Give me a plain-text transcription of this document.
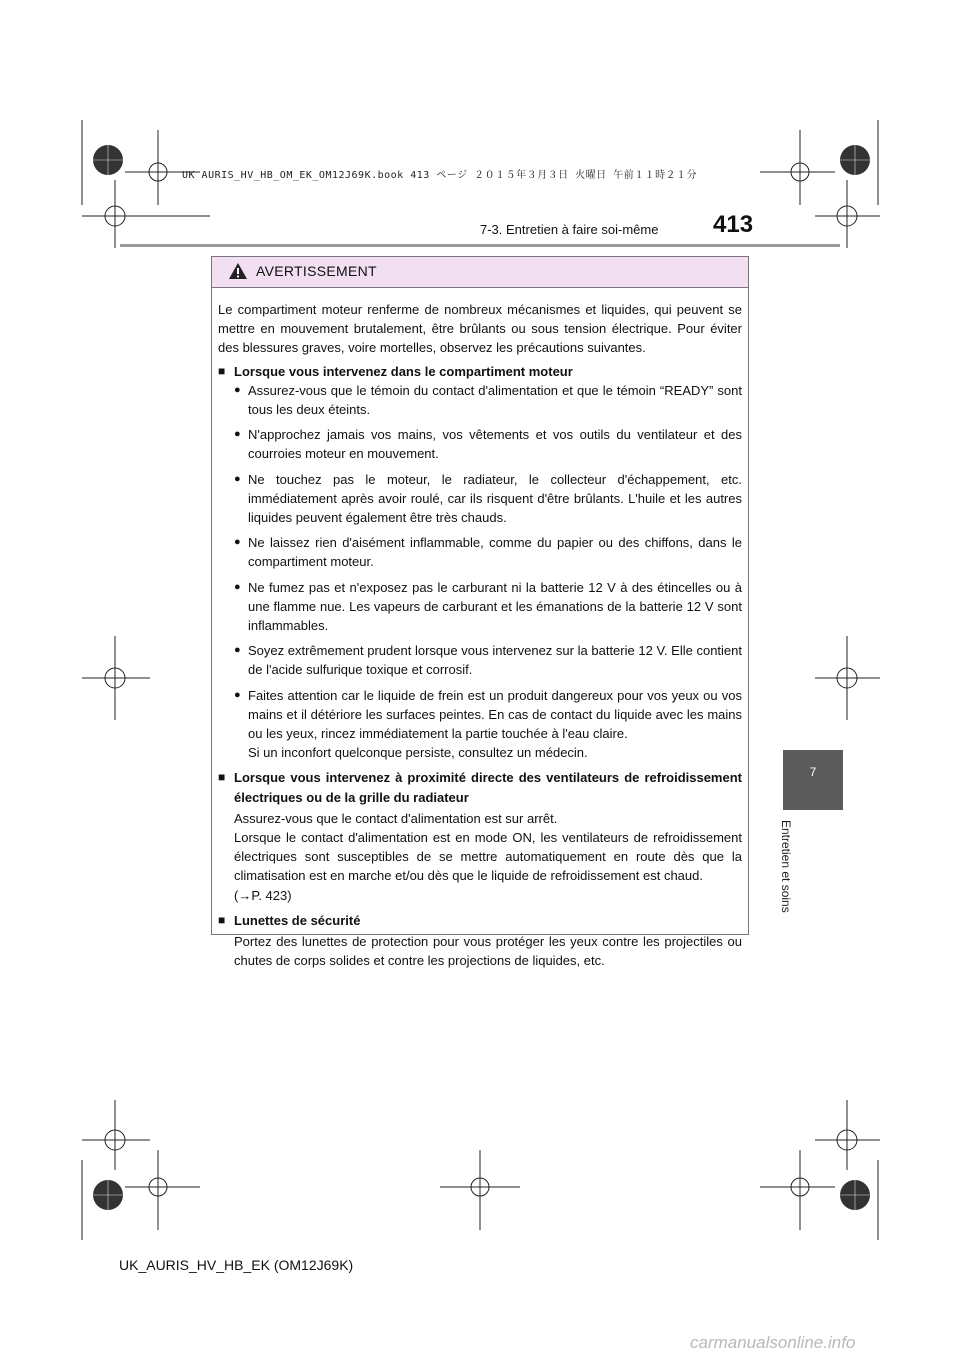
UK AURIS_HV_HB_OM_EK_OM12J69K.book 413 ページ ２０１５年３月３日 火曜日 午前１１時２１分
7-3. Entretien à faire soi-même 413
7
Entretien et soins
AVERTISSEMENT

Le compartiment moteur renferme de nombreux mécanismes et liquides, qui peuvent se mettre en mouvement brutalement, être brûlants ou sous tension électrique. Pour éviter des blessures graves, voire mortelles, observez les précautions suivantes.

■ Lorsque vous intervenez dans le compartiment moteur
● Assurez-vous que le témoin du contact d'alimentation et que le témoin “READY” sont tous les deux éteints.
● N'approchez jamais vos mains, vos vêtements et vos outils du ventilateur et des courroies moteur en mouvement.
● Ne touchez pas le moteur, le radiateur, le collecteur d'échappement, etc. immédiatement après avoir roulé, car ils risquent d'être brûlants. L'huile et les autres liquides peuvent également être très chauds.
● Ne laissez rien d'aisément inflammable, comme du papier ou des chiffons, dans le compartiment moteur.
● Ne fumez pas et n'exposez pas le carburant ni la batterie 12 V à des étincelles ou à une flamme nue. Les vapeurs de carburant et les émanations de la batterie 12 V sont inflammables.
● Soyez extrêmement prudent lorsque vous intervenez sur la batterie 12 V. Elle contient de l'acide sulfurique toxique et corrosif.
● Faites attention car le liquide de frein est un produit dangereux pour vos yeux ou vos mains et il détériore les surfaces peintes. En cas de contact du liquide avec les mains ou les yeux, rincez immédiatement la partie touchée à l'eau claire.
Si un inconfort quelconque persiste, consultez un médecin.
■ Lorsque vous intervenez à proximité directe des ventilateurs de refroidissement électriques ou de la grille du radiateur

Assurez-vous que le contact d'alimentation est sur arrêt.

Lorsque le contact d'alimentation est en mode ON, les ventilateurs de refroidissement électriques sont susceptibles de se mettre automatiquement en route dès que la climatisation est en marche et/ou dès que le liquide de refroidissement est chaud.

(→P. 423)

■ Lunettes de sécurité

Portez des lunettes de protection pour vous protéger les yeux contre les projectiles ou chutes de corps solides et contre les projections de liquides, etc.

UK_AURIS_HV_HB_EK (OM12J69K)
carmanualsonline.info
